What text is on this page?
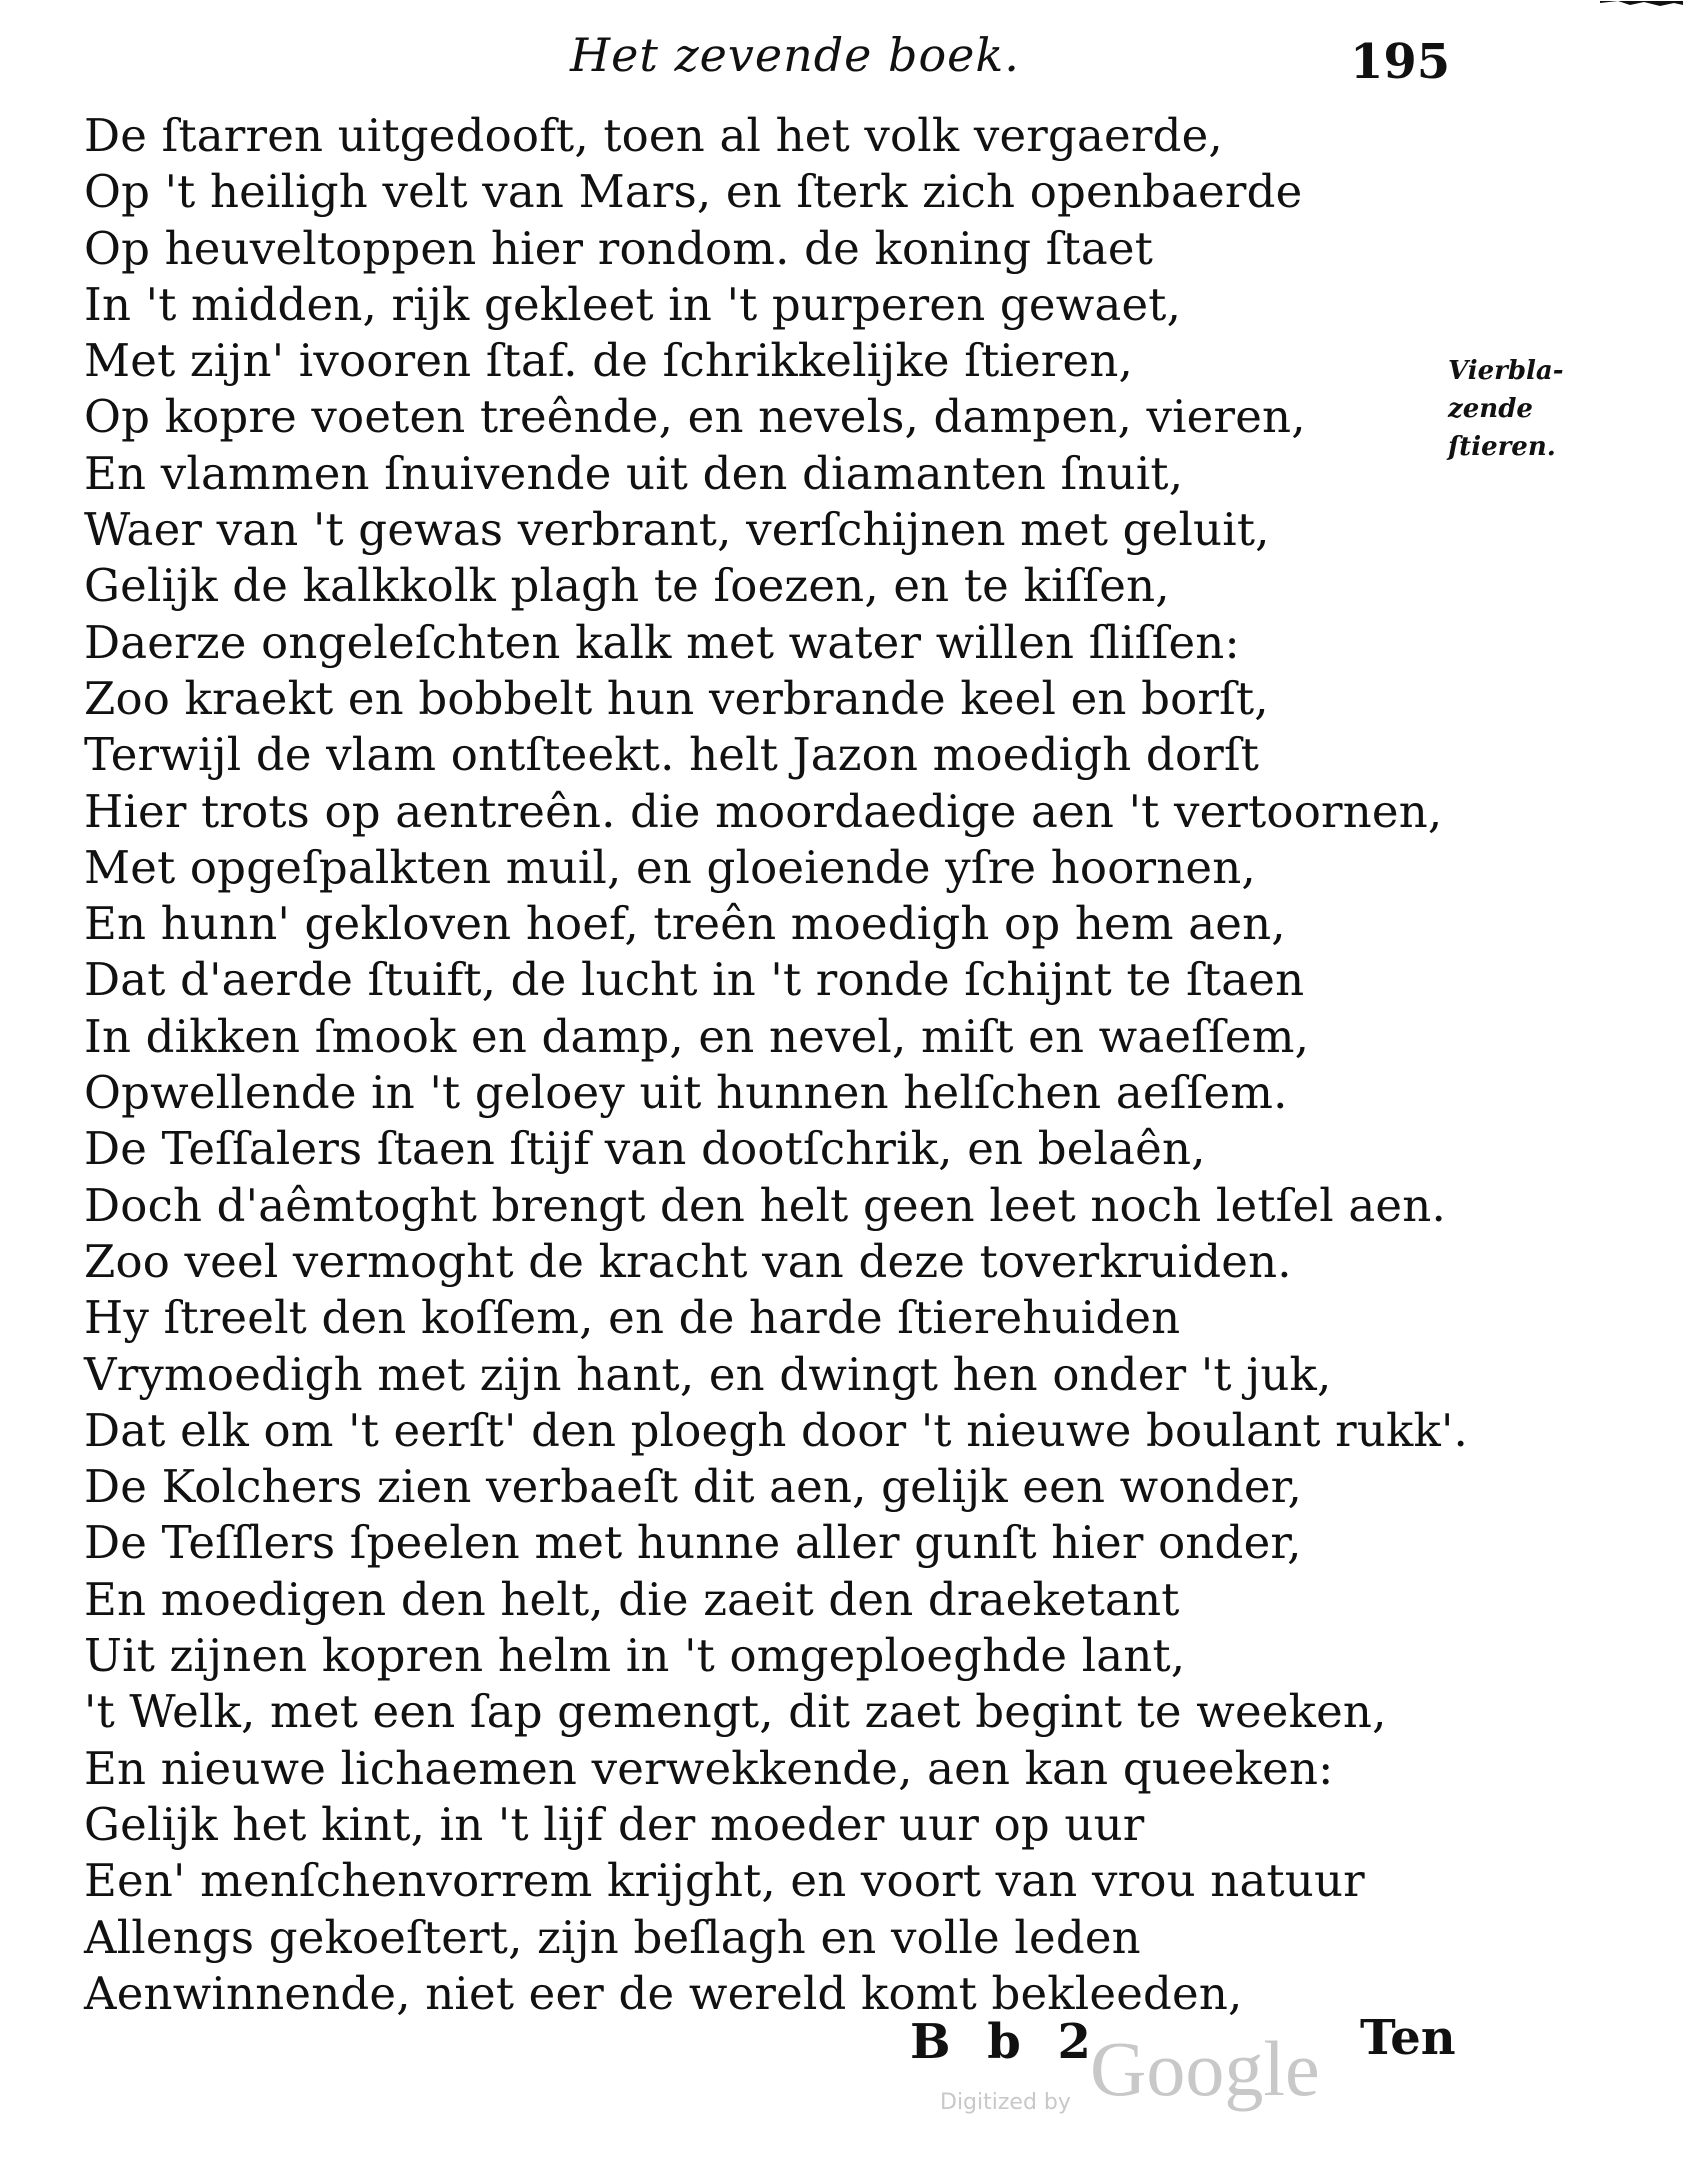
Het zevende boek.	195
De ſtarren uitgedooft, toen al het volk vergaerde,
Op 't heiligh velt van Mars, en ſterk zich openbaerde
Op heuveltoppen hier rondom. de koning ſtaet
In 't midden, rijk gekleet in 't purperen gewaet,
Met zijn' ivooren ſtaf. de ſchrikkelijke ſtieren,
Op kopre voeten treênde, en nevels, dampen, vieren,
En vlammen ſnuivende uit den diamanten ſnuit,
Waer van 't gewas verbrant, verſchijnen met geluit,
Gelijk de kalkkolk plagh te ſoezen, en te kiſſen,
Daerze ongeleſchten kalk met water willen ſliſſen:
Zoo kraekt en bobbelt hun verbrande keel en borſt,
Terwijl de vlam ontſteekt. helt Jazon moedigh dorſt
Hier trots op aentreên. die moordaedige aen 't vertoornen,
Met opgeſpalkten muil, en gloeiende yſre hoornen,
En hunn' gekloven hoef, treên moedigh op hem aen,
Dat d'aerde ſtuift, de lucht in 't ronde ſchijnt te ſtaen
In dikken ſmook en damp, en nevel, miſt en waeſſem,
Opwellende in 't geloey uit hunnen helſchen aeſſem.
De Teſſalers ſtaen ſtijf van dootſchrik, en belaên,
Doch d'aêmtoght brengt den helt geen leet noch letſel aen.
Zoo veel vermoght de kracht van deze toverkruiden.
Hy ſtreelt den koſſem, en de harde ſtierehuiden
Vrymoedigh met zijn hant, en dwingt hen onder 't juk,
Dat elk om 't eerſt' den ploegh door 't nieuwe boulant rukk'.
De Kolchers zien verbaeſt dit aen, gelijk een wonder,
De Teſſlers ſpeelen met hunne aller gunſt hier onder,
En moedigen den helt, die zaeit den draeketant
Uit zijnen kopren helm in 't omgeploeghde lant,
't Welk, met een ſap gemengt, dit zaet begint te weeken,
En nieuwe lichaemen verwekkende, aen kan queeken:
Gelijk het kint, in 't lijf der moeder uur op uur
Een' menſchenvorrem krijght, en voort van vrou natuur
Allengs gekoeſtert, zijn beſlagh en volle leden
Aenwinnende, niet eer de wereld komt bekleeden,
Vierbla-
zende
ſtieren.
B b 2	Ten
Digitized by Google
